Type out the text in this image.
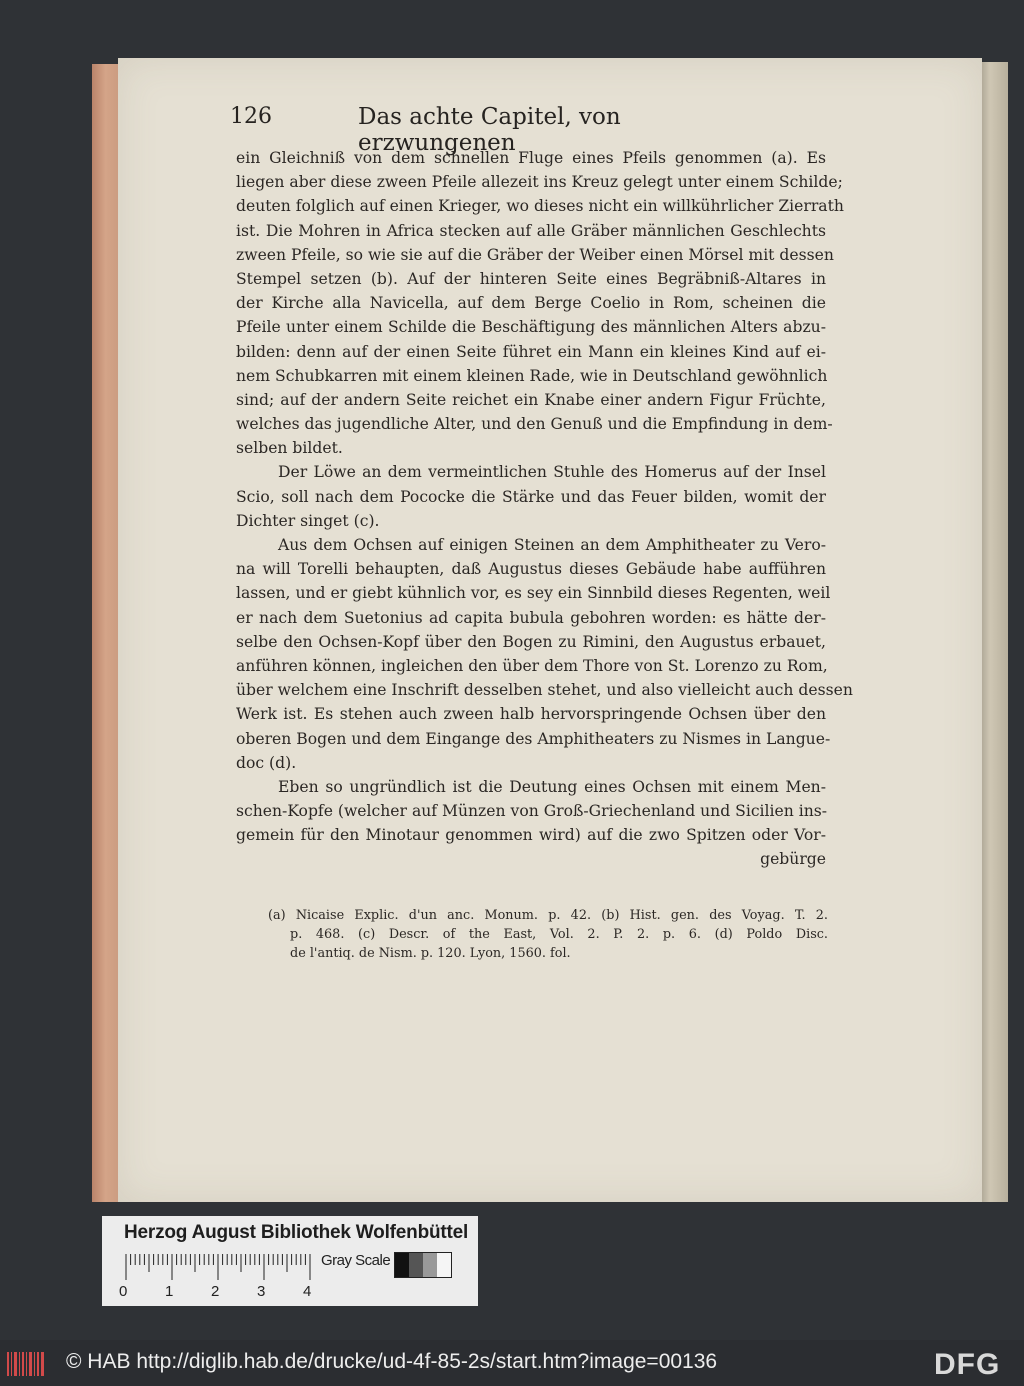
126	Das achte Capitel, von erzwungenen
ein Gleichniß von dem schnellen Fluge eines Pfeils genommen (a). Es
liegen aber diese zween Pfeile allezeit ins Kreuz gelegt unter einem Schilde;
deuten folglich auf einen Krieger, wo dieses nicht ein willkührlicher Zierrath
ist. Die Mohren in Africa stecken auf alle Gräber männlichen Geschlechts
zween Pfeile, so wie sie auf die Gräber der Weiber einen Mörsel mit dessen
Stempel setzen (b). Auf der hinteren Seite eines Begräbniß-Altares in
der Kirche alla Navicella, auf dem Berge Coelio in Rom, scheinen die
Pfeile unter einem Schilde die Beschäftigung des männlichen Alters abzu-
bilden: denn auf der einen Seite führet ein Mann ein kleines Kind auf ei-
nem Schubkarren mit einem kleinen Rade, wie in Deutschland gewöhnlich
sind; auf der andern Seite reichet ein Knabe einer andern Figur Früchte,
welches das jugendliche Alter, und den Genuß und die Empfindung in dem-
selben bildet.
Der Löwe an dem vermeintlichen Stuhle des Homerus auf der Insel
Scio, soll nach dem Pococke die Stärke und das Feuer bilden, womit der
Dichter singet (c).
Aus dem Ochsen auf einigen Steinen an dem Amphitheater zu Vero-
na will Torelli behaupten, daß Augustus dieses Gebäude habe aufführen
lassen, und er giebt kühnlich vor, es sey ein Sinnbild dieses Regenten, weil
er nach dem Suetonius ad capita bubula gebohren worden: es hätte der-
selbe den Ochsen-Kopf über den Bogen zu Rimini, den Augustus erbauet,
anführen können, ingleichen den über dem Thore von St. Lorenzo zu Rom,
über welchem eine Inschrift desselben stehet, und also vielleicht auch dessen
Werk ist. Es stehen auch zween halb hervorspringende Ochsen über den
oberen Bogen und dem Eingange des Amphitheaters zu Nismes in Langue-
doc (d).
Eben so ungründlich ist die Deutung eines Ochsen mit einem Men-
schen-Kopfe (welcher auf Münzen von Groß-Griechenland und Sicilien ins-
gemein für den Minotaur genommen wird) auf die zwo Spitzen oder Vor-
gebürge
(a) Nicaise Explic. d'un anc. Monum. p. 42. (b) Hist. gen. des Voyag. T. 2.
p. 468. (c) Descr. of the East, Vol. 2. P. 2. p. 6. (d) Poldo Disc.
de l'antiq. de Nism. p. 120. Lyon, 1560. fol.
Herzog August Bibliothek Wolfenbüttel
Gray Scale
0	1	2	3	4
© HAB http://diglib.hab.de/drucke/ud-4f-85-2s/start.htm?image=00136	DFG
